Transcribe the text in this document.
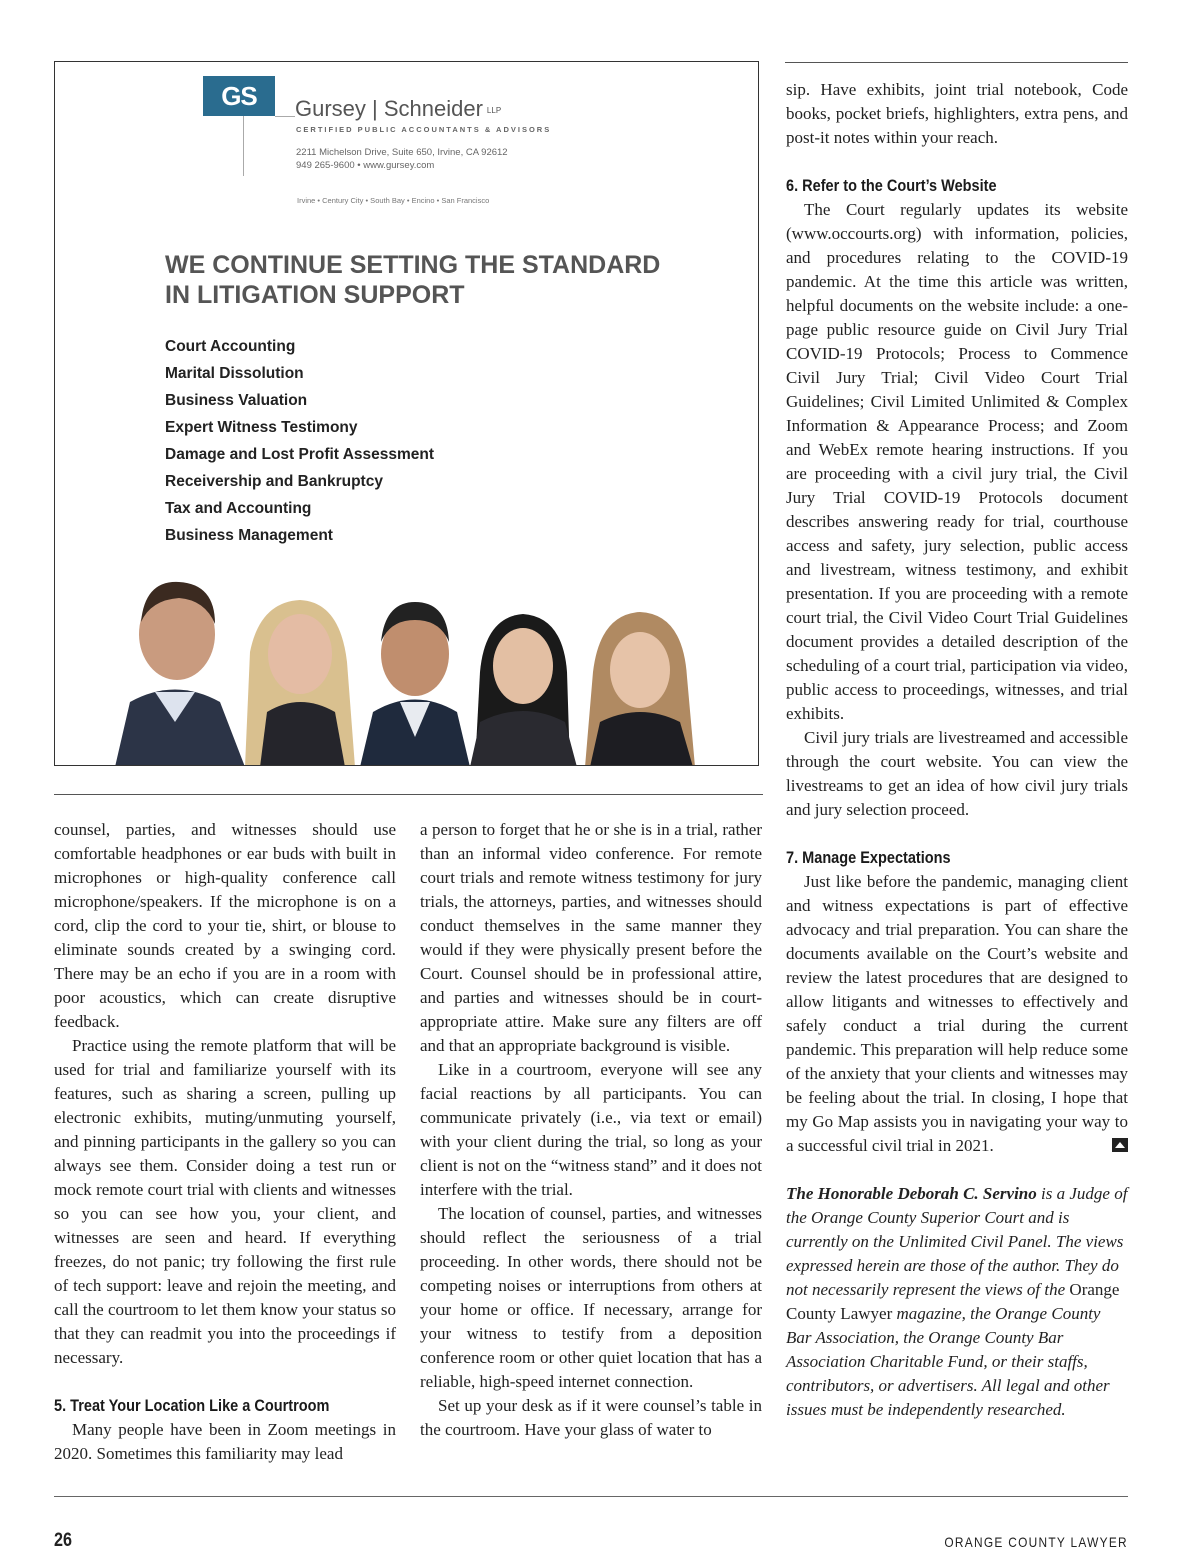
GS	Gursey | Schneider LLP
CERTIFIED PUBLIC ACCOUNTANTS & ADVISORS
2211 Michelson Drive, Suite 650, Irvine, CA 92612
949 265-9600 • www.gursey.com
Irvine • Century City • South Bay • Encino • San Francisco
WE CONTINUE SETTING THE STANDARD
IN LITIGATION SUPPORT
Court Accounting
Marital Dissolution
Business Valuation
Expert Witness Testimony
Damage and Lost Profit Assessment
Receivership and Bankruptcy
Tax and Accounting
Business Management

counsel, parties, and witnesses should use comfortable headphones or ear buds with built in microphones or high-quality conference call microphone/speakers. If the microphone is on a cord, clip the cord to your tie, shirt, or blouse to eliminate sounds created by a swinging cord. There may be an echo if you are in a room with poor acoustics, which can create disruptive feedback.

Practice using the remote platform that will be used for trial and familiarize yourself with its features, such as sharing a screen, pulling up electronic exhibits, muting/unmuting yourself, and pinning participants in the gallery so you can always see them. Consider doing a test run or mock remote court trial with clients and witnesses so you can see how you, your client, and witnesses are seen and heard. If everything freezes, do not panic; try following the first rule of tech support: leave and rejoin the meeting, and call the courtroom to let them know your status so that they can readmit you into the proceedings if necessary.

5. Treat Your Location Like a Courtroom

Many people have been in Zoom meetings in 2020. Sometimes this familiarity may lead

a person to forget that he or she is in a trial, rather than an informal video conference. For remote court trials and remote witness testimony for jury trials, the attorneys, parties, and witnesses should conduct themselves in the same manner they would if they were physically present before the Court. Counsel should be in professional attire, and parties and witnesses should be in court-appropriate attire. Make sure any filters are off and that an appropriate background is visible.

Like in a courtroom, everyone will see any facial reactions by all participants. You can communicate privately (i.e., via text or email) with your client during the trial, so long as your client is not on the “witness stand” and it does not interfere with the trial.

The location of counsel, parties, and witnesses should reflect the seriousness of a trial proceeding. In other words, there should not be competing noises or interruptions from others at your home or office. If necessary, arrange for your witness to testify from a deposition conference room or other quiet location that has a reliable, high-speed internet connection.

Set up your desk as if it were counsel’s table in the courtroom. Have your glass of water to

sip. Have exhibits, joint trial notebook, Code books, pocket briefs, highlighters, extra pens, and post-it notes within your reach.

6. Refer to the Court’s Website

The Court regularly updates its website (www.occourts.org) with information, policies, and procedures relating to the COVID-19 pandemic. At the time this article was written, helpful documents on the website include: a one-page public resource guide on Civil Jury Trial COVID-19 Protocols; Process to Commence Civil Jury Trial; Civil Video Court Trial Guidelines; Civil Limited Unlimited & Complex Information & Appearance Process; and Zoom and WebEx remote hearing instructions. If you are proceeding with a civil jury trial, the Civil Jury Trial COVID-19 Protocols document describes answering ready for trial, courthouse access and safety, jury selection, public access and livestream, witness testimony, and exhibit presentation. If you are proceeding with a remote court trial, the Civil Video Court Trial Guidelines document provides a detailed description of the scheduling of a court trial, participation via video, public access to proceedings, witnesses, and trial exhibits.

Civil jury trials are livestreamed and accessible through the court website. You can view the livestreams to get an idea of how civil jury trials and jury selection proceed.

7. Manage Expectations

Just like before the pandemic, managing client and witness expectations is part of effective advocacy and trial preparation. You can share the documents available on the Court’s website and review the latest procedures that are designed to allow litigants and witnesses to effectively and safely conduct a trial during the current pandemic. This preparation will help reduce some of the anxiety that your clients and witnesses may be feeling about the trial. In closing, I hope that my Go Map assists you in navigating your way to a successful civil trial in 2021.

The Honorable Deborah C. Servino is a Judge of the Orange County Superior Court and is currently on the Unlimited Civil Panel. The views expressed herein are those of the author. They do not necessarily represent the views of the Orange County Lawyer magazine, the Orange County Bar Association, the Orange County Bar Association Charitable Fund, or their staffs, contributors, or advertisers. All legal and other issues must be independently researched.

26	ORANGE COUNTY LAWYER
